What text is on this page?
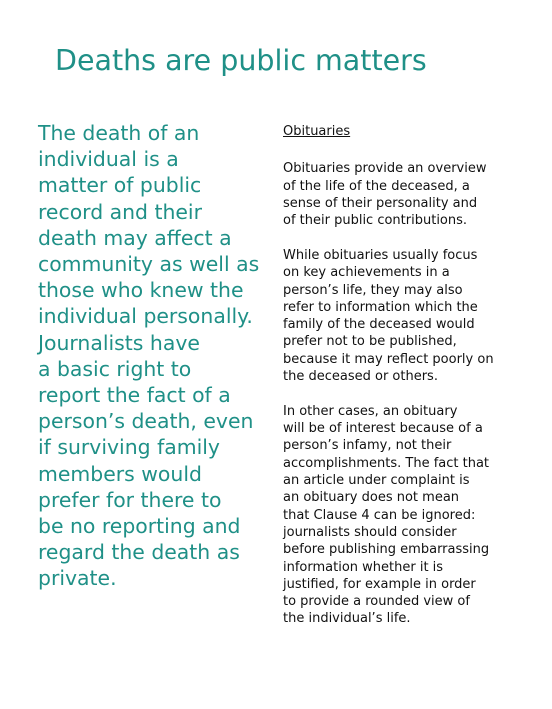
Deaths are public matters
The death of an
individual is a
matter of public
record and their
death may affect a
community as well as
those who knew the
individual personally.
Journalists have
a basic right to
report the fact of a
person’s death, even
if surviving family
members would
prefer for there to
be no reporting and
regard the death as
private.
Obituaries
Obituaries provide an overview
of the life of the deceased, a
sense of their personality and
of their public contributions.
While obituaries usually focus
on key achievements in a
person’s life, they may also
refer to information which the
family of the deceased would
prefer not to be published,
because it may reflect poorly on
the deceased or others.
In other cases, an obituary
will be of interest because of a
person’s infamy, not their
accomplishments. The fact that
an article under complaint is
an obituary does not mean
that Clause 4 can be ignored:
journalists should consider
before publishing embarrassing
information whether it is
justified, for example in order
to provide a rounded view of
the individual’s life.
